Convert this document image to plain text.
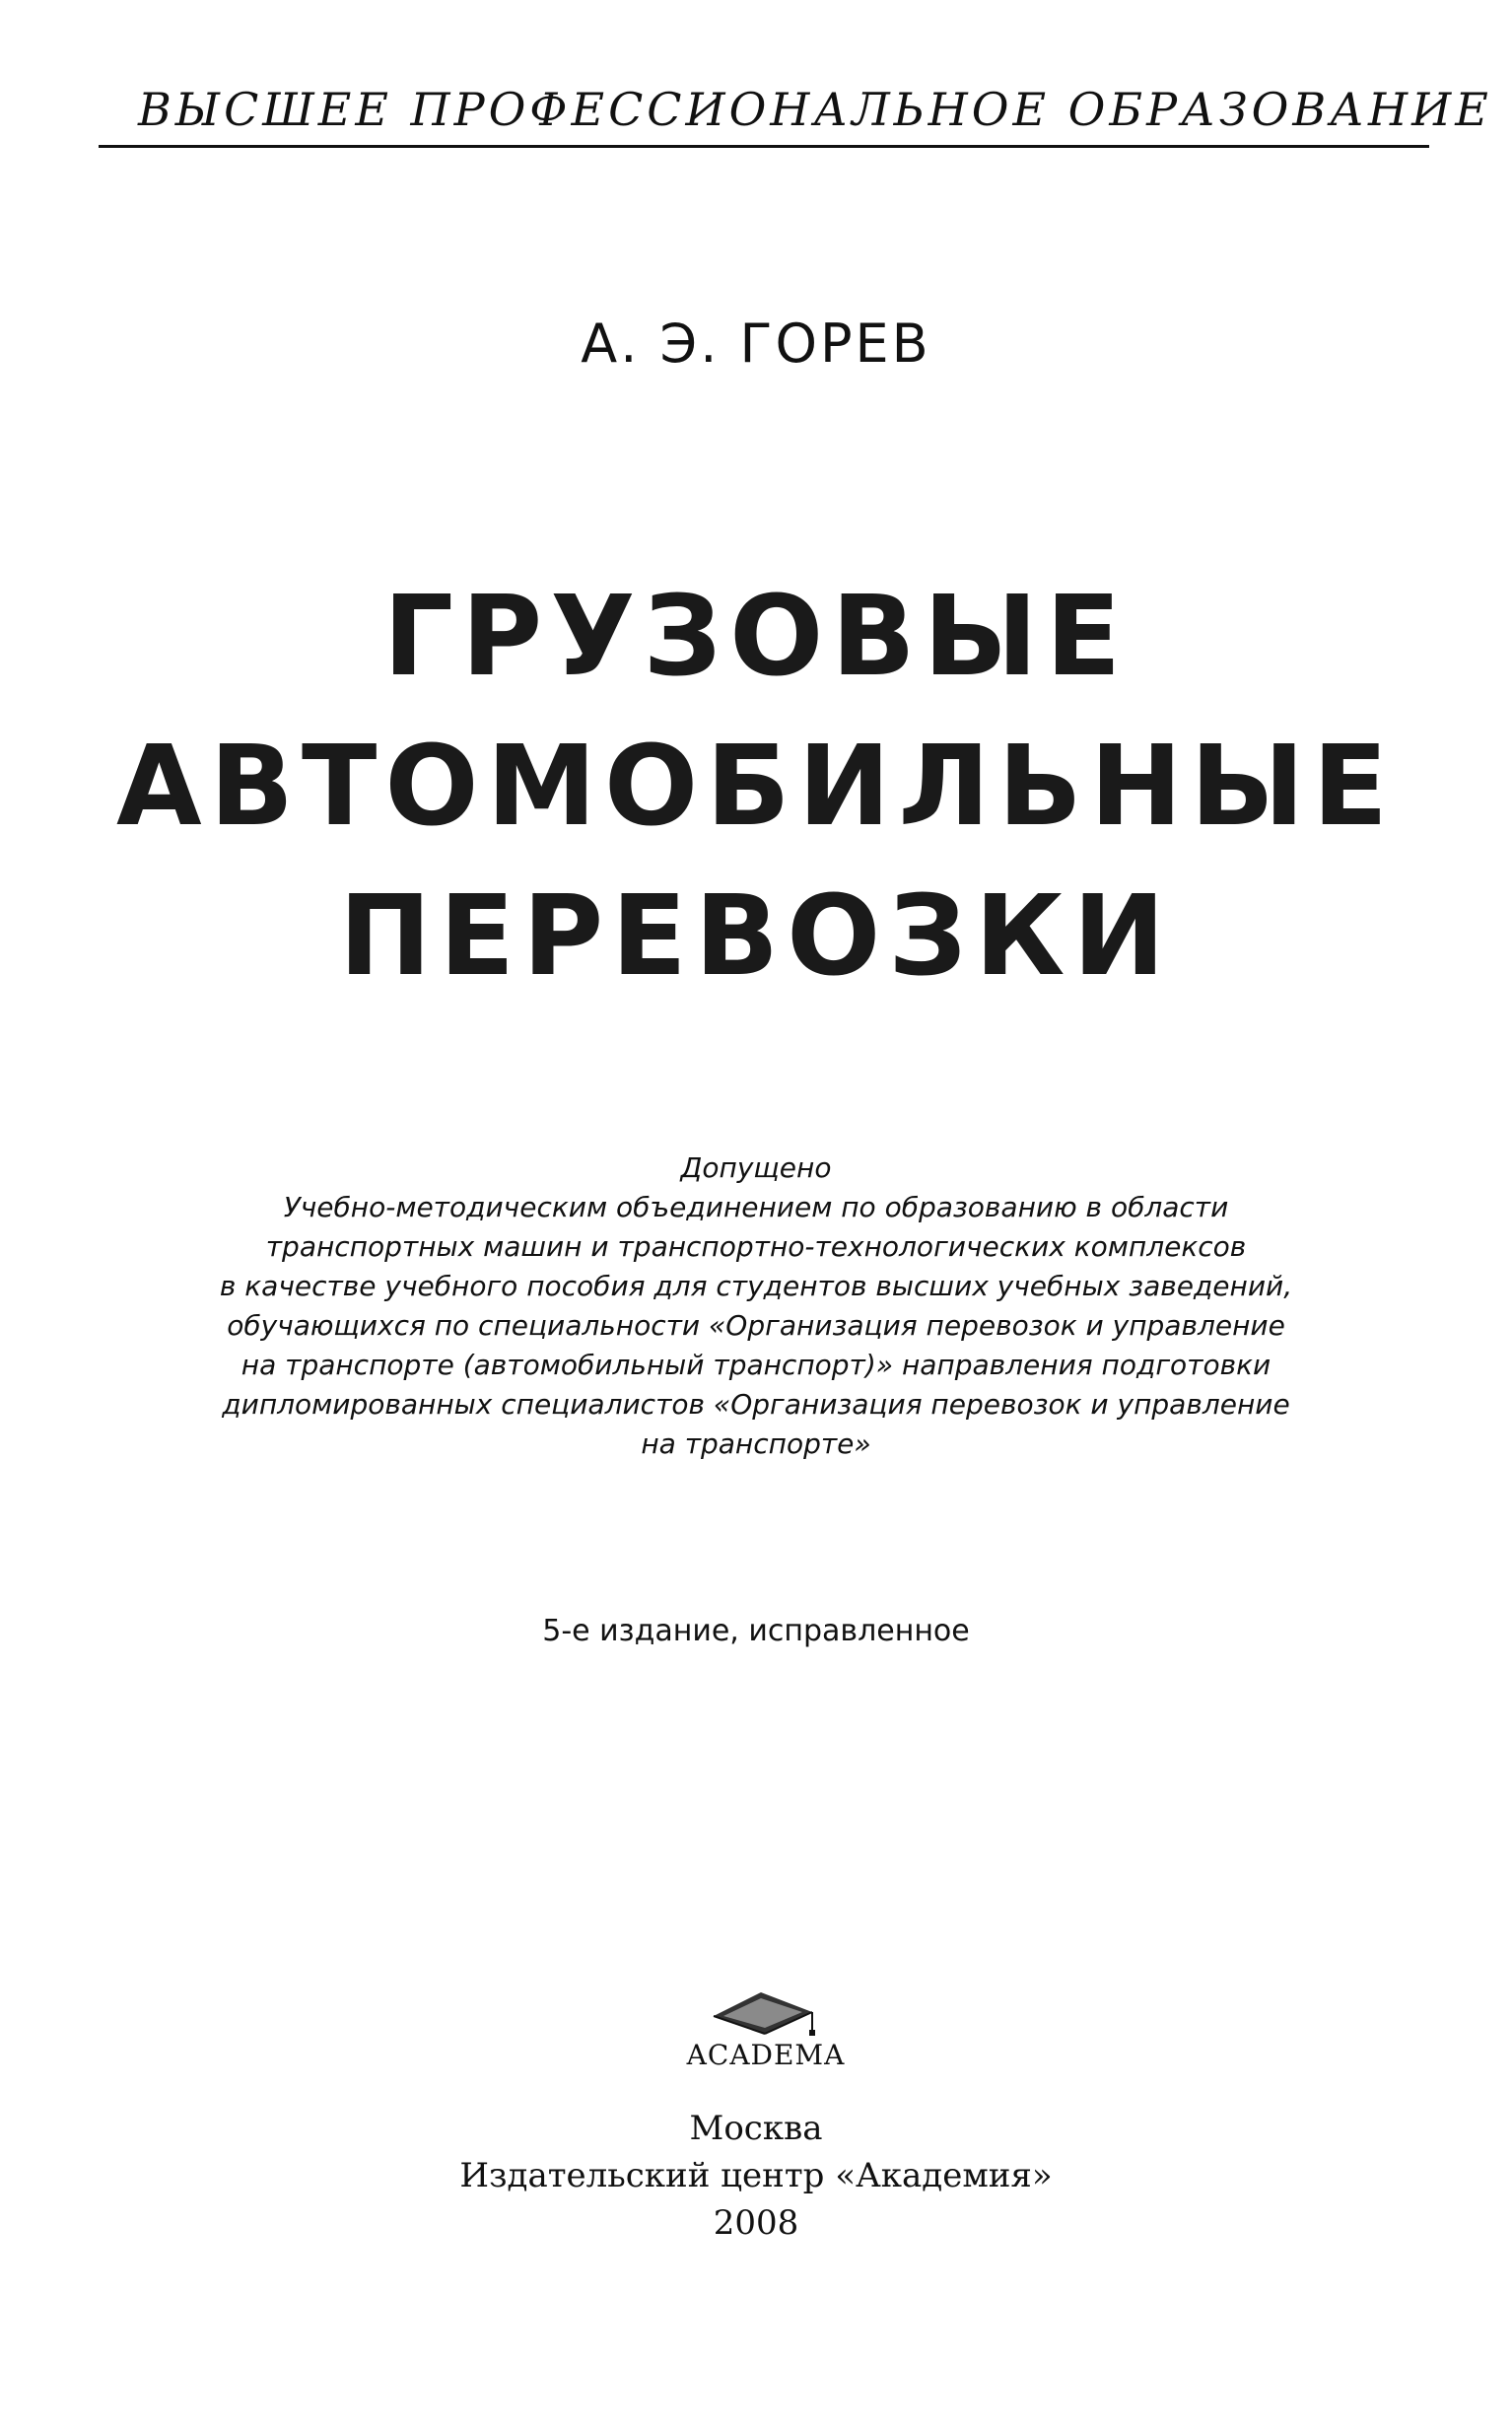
ВЫСШЕЕ ПРОФЕССИОНАЛЬНОЕ ОБРАЗОВАНИЕ
А. Э. ГОРЕВ
ГРУЗОВЫЕ
АВТОМОБИЛЬНЫЕ
ПЕРЕВОЗКИ
Допущено
Учебно-методическим объединением по образованию в области
транспортных машин и транспортно-технологических комплексов
в качестве учебного пособия для студентов высших учебных заведений,
обучающихся по специальности «Организация перевозок и управление
на транспорте (автомобильный транспорт)» направления подготовки
дипломированных специалистов «Организация перевозок и управление
на транспорте»
5-е издание, исправленное
ACADEMA
Москва
Издательский центр «Академия»
2008
